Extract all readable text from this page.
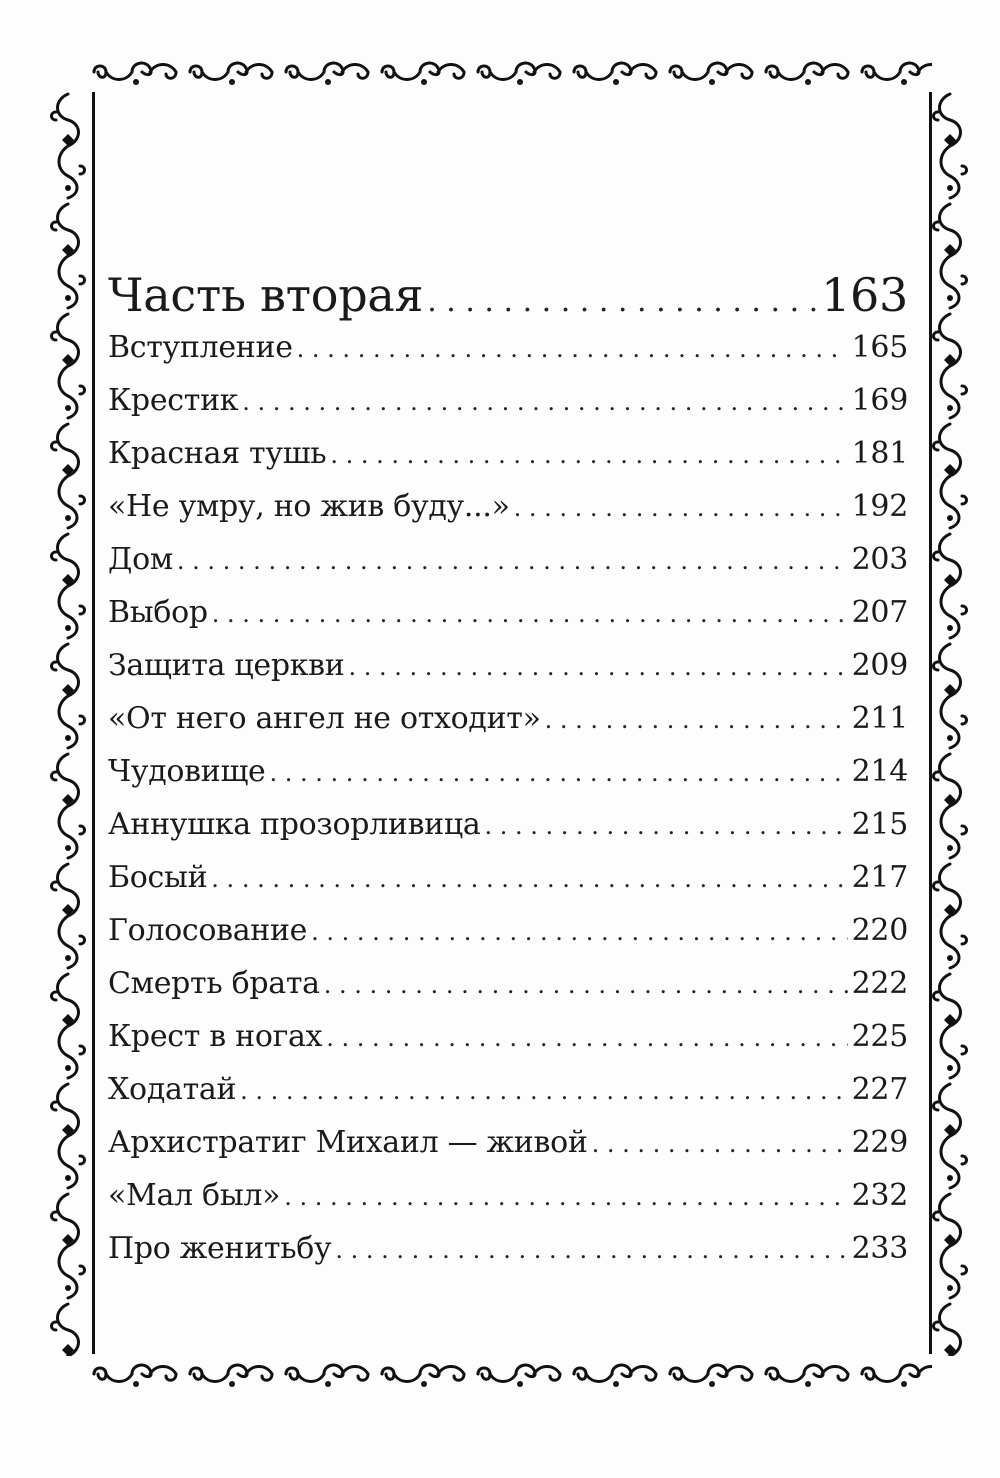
Часть вторая . . .	163
Вступление . . .	165
Крестик . . .	169
Красная тушь . . .	181
«Не умру, но жив буду...» . . .	192
Дом . . .	203
Выбор . . .	207
Защита церкви . . .	209
«От него ангел не отходит» . . .	211
Чудовище . . .	214
Аннушка прозорливица . . .	215
Босый . . .	217
Голосование . . .	220
Смерть брата . . .	222
Крест в ногах . . .	225
Ходатай . . .	227
Архистратиг Михаил — живой . . .	229
«Мал был» . . .	232
Про женитьбу . . .	233
